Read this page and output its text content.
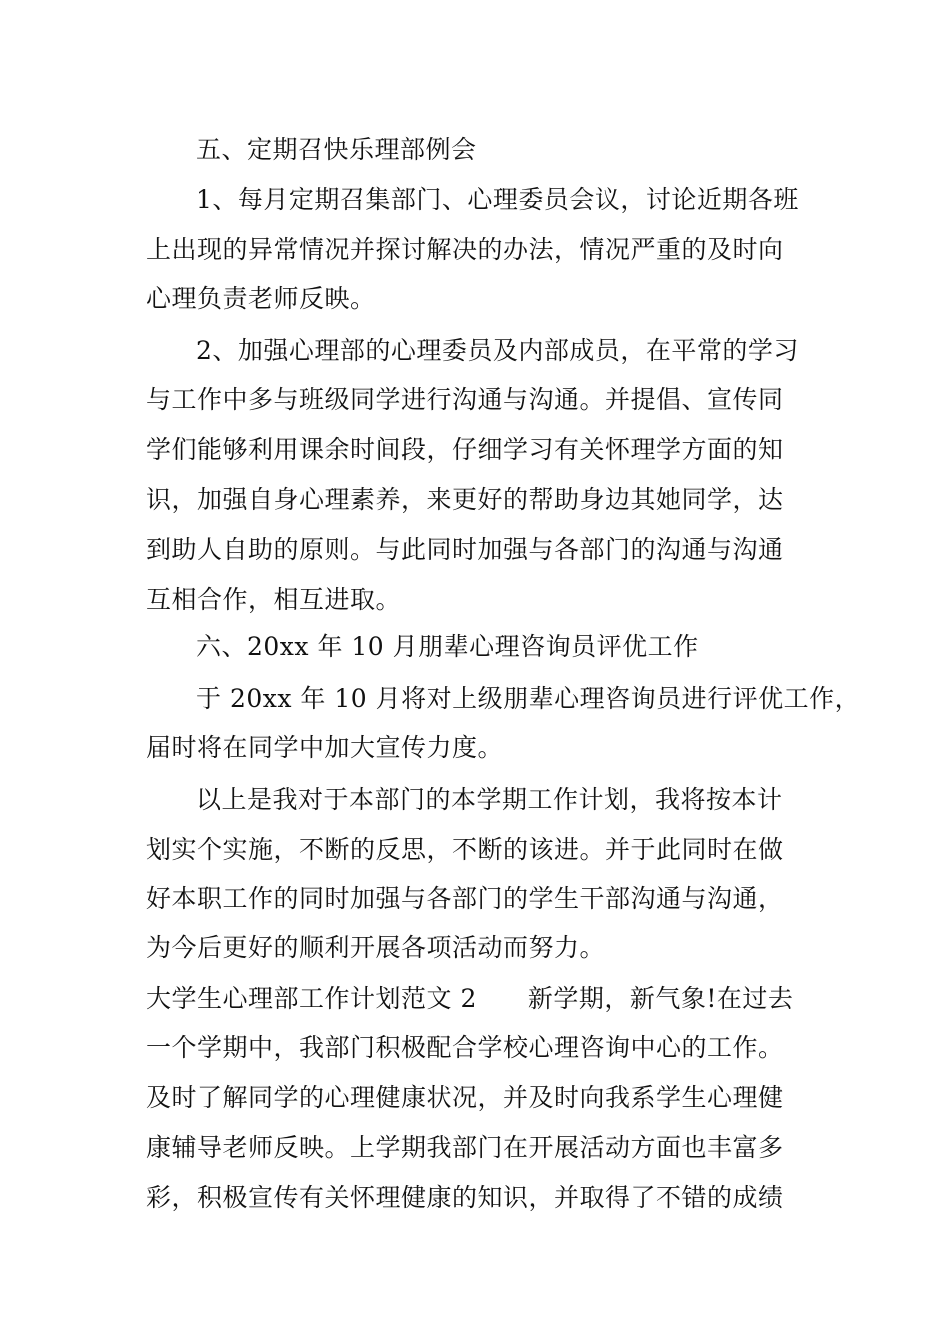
五、定期召快乐理部例会
1、每月定期召集部门、心理委员会议，讨论近期各班
上出现的异常情况并探讨解决的办法，情况严重的及时向
心理负责老师反映。
2、加强心理部的心理委员及内部成员，在平常的学习
与工作中多与班级同学进行沟通与沟通。并提倡、宣传同
学们能够利用课余时间段，仔细学习有关怀理学方面的知
识，加强自身心理素养，来更好的帮助身边其她同学，达
到助人自助的原则。与此同时加强与各部门的沟通与沟通
互相合作，相互进取。
六、20xx 年 10 月朋辈心理咨询员评优工作
于 20xx 年 10 月将对上级朋辈心理咨询员进行评优工作，
届时将在同学中加大宣传力度。
以上是我对于本部门的本学期工作计划，我将按本计
划实个实施，不断的反思，不断的该进。并于此同时在做
好本职工作的同时加强与各部门的学生干部沟通与沟通，
为今后更好的顺利开展各项活动而努力。
大学生心理部工作计划范文 2　　新学期，新气象!在过去
一个学期中，我部门积极配合学校心理咨询中心的工作。
及时了解同学的心理健康状况，并及时向我系学生心理健
康辅导老师反映。上学期我部门在开展活动方面也丰富多
彩，积极宣传有关怀理健康的知识，并取得了不错的成绩
